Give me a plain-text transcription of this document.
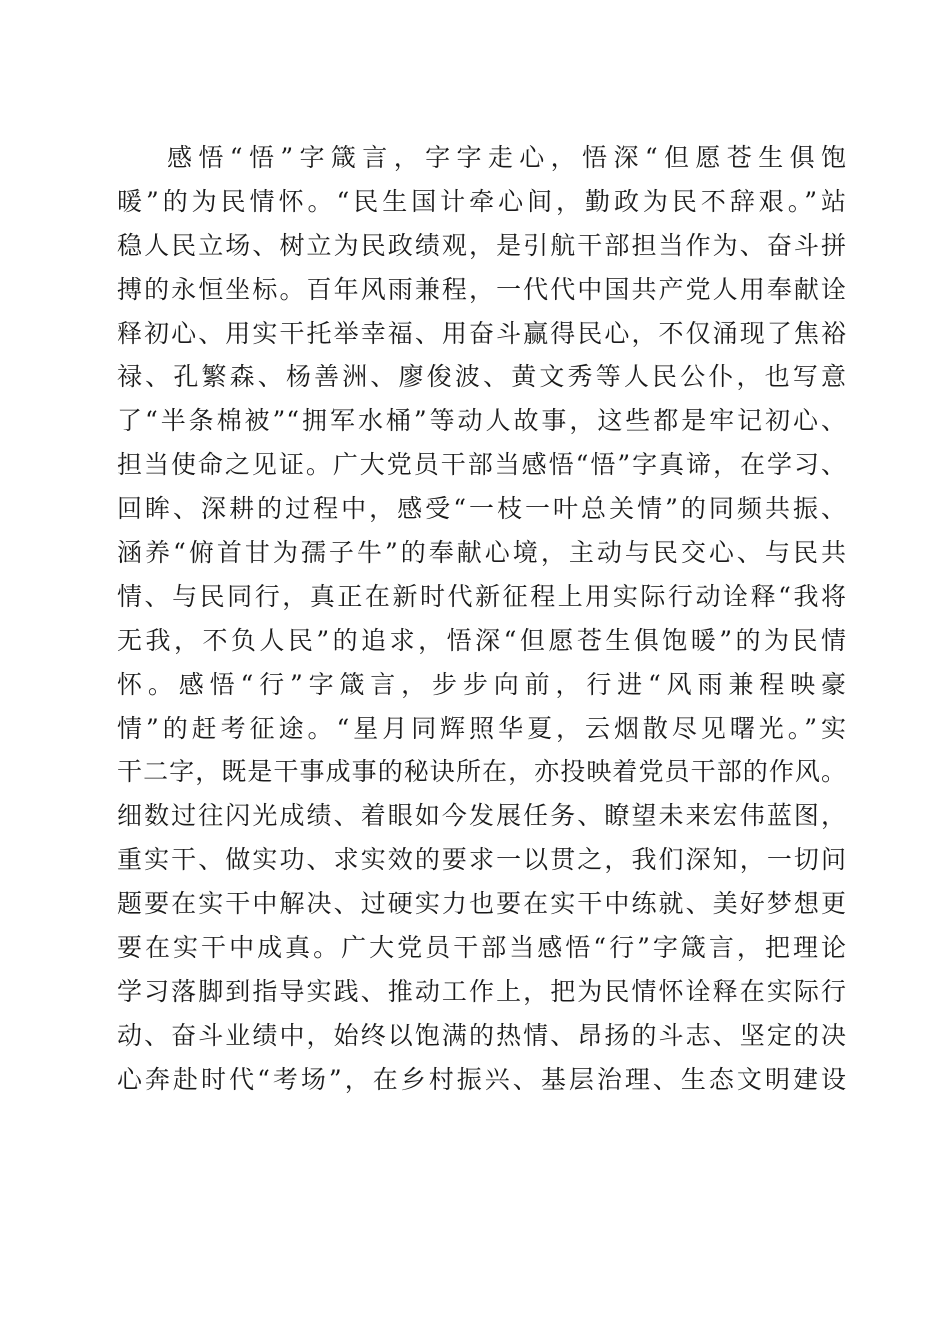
感悟“悟”字箴言，字字走心，悟深“但愿苍生俱饱
暖”的为民情怀。“民生国计牵心间，勤政为民不辞艰。”站
稳人民立场、树立为民政绩观，是引航干部担当作为、奋斗拼
搏的永恒坐标。百年风雨兼程，一代代中国共产党人用奉献诠
释初心、用实干托举幸福、用奋斗赢得民心，不仅涌现了焦裕
禄、孔繁森、杨善洲、廖俊波、黄文秀等人民公仆，也写意
了“半条棉被”“拥军水桶”等动人故事，这些都是牢记初心、
担当使命之见证。广大党员干部当感悟“悟”字真谛，在学习、
回眸、深耕的过程中，感受“一枝一叶总关情”的同频共振、
涵养“俯首甘为孺子牛”的奉献心境，主动与民交心、与民共
情、与民同行，真正在新时代新征程上用实际行动诠释“我将
无我，不负人民”的追求，悟深“但愿苍生俱饱暖”的为民情
怀。感悟“行”字箴言，步步向前，行进“风雨兼程映豪
情”的赶考征途。“星月同辉照华夏，云烟散尽见曙光。”实
干二字，既是干事成事的秘诀所在，亦投映着党员干部的作风。
细数过往闪光成绩、着眼如今发展任务、瞭望未来宏伟蓝图，
重实干、做实功、求实效的要求一以贯之，我们深知，一切问
题要在实干中解决、过硬实力也要在实干中练就、美好梦想更
要在实干中成真。广大党员干部当感悟“行”字箴言，把理论
学习落脚到指导实践、推动工作上，把为民情怀诠释在实际行
动、奋斗业绩中，始终以饱满的热情、昂扬的斗志、坚定的决
心奔赴时代“考场”，在乡村振兴、基层治理、生态文明建设
